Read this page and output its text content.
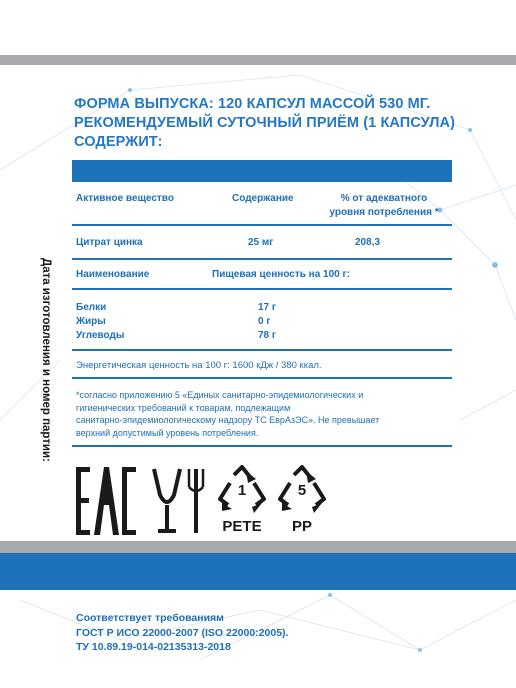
ФОРМА ВЫПУСКА: 120 КАПСУЛ МАССОЙ 530 МГ.
РЕКОМЕНДУЕМЫЙ СУТОЧНЫЙ ПРИЁМ (1 КАПСУЛА)
СОДЕРЖИТ:
Активное вещество	Содержание	% от адекватного
уровня потребления *
Цитрат цинка	25 мг	208,3
Наименование	Пищевая ценность на 100 г:
Белки	17 г
Жиры	0 г
Углеводы	78 г
Энергетическая ценность на 100 г: 1600 кДж / 380 ккал.
*согласно приложению 5 «Единых санитарно-эпидемиологических и
гигиенических требований к товарам, подлежащим
санитарно-эпидемиологическому надзору ТС ЕврАзЭС». Не превышает
верхний допустимый уровень потребления.
Дата изготовления и номер партии:
EAC
1
PETE
5
PP
Соответствует требованиям
ГОСТ Р ИСО 22000-2007 (ISO 22000:2005).
ТУ 10.89.19-014-02135313-2018
